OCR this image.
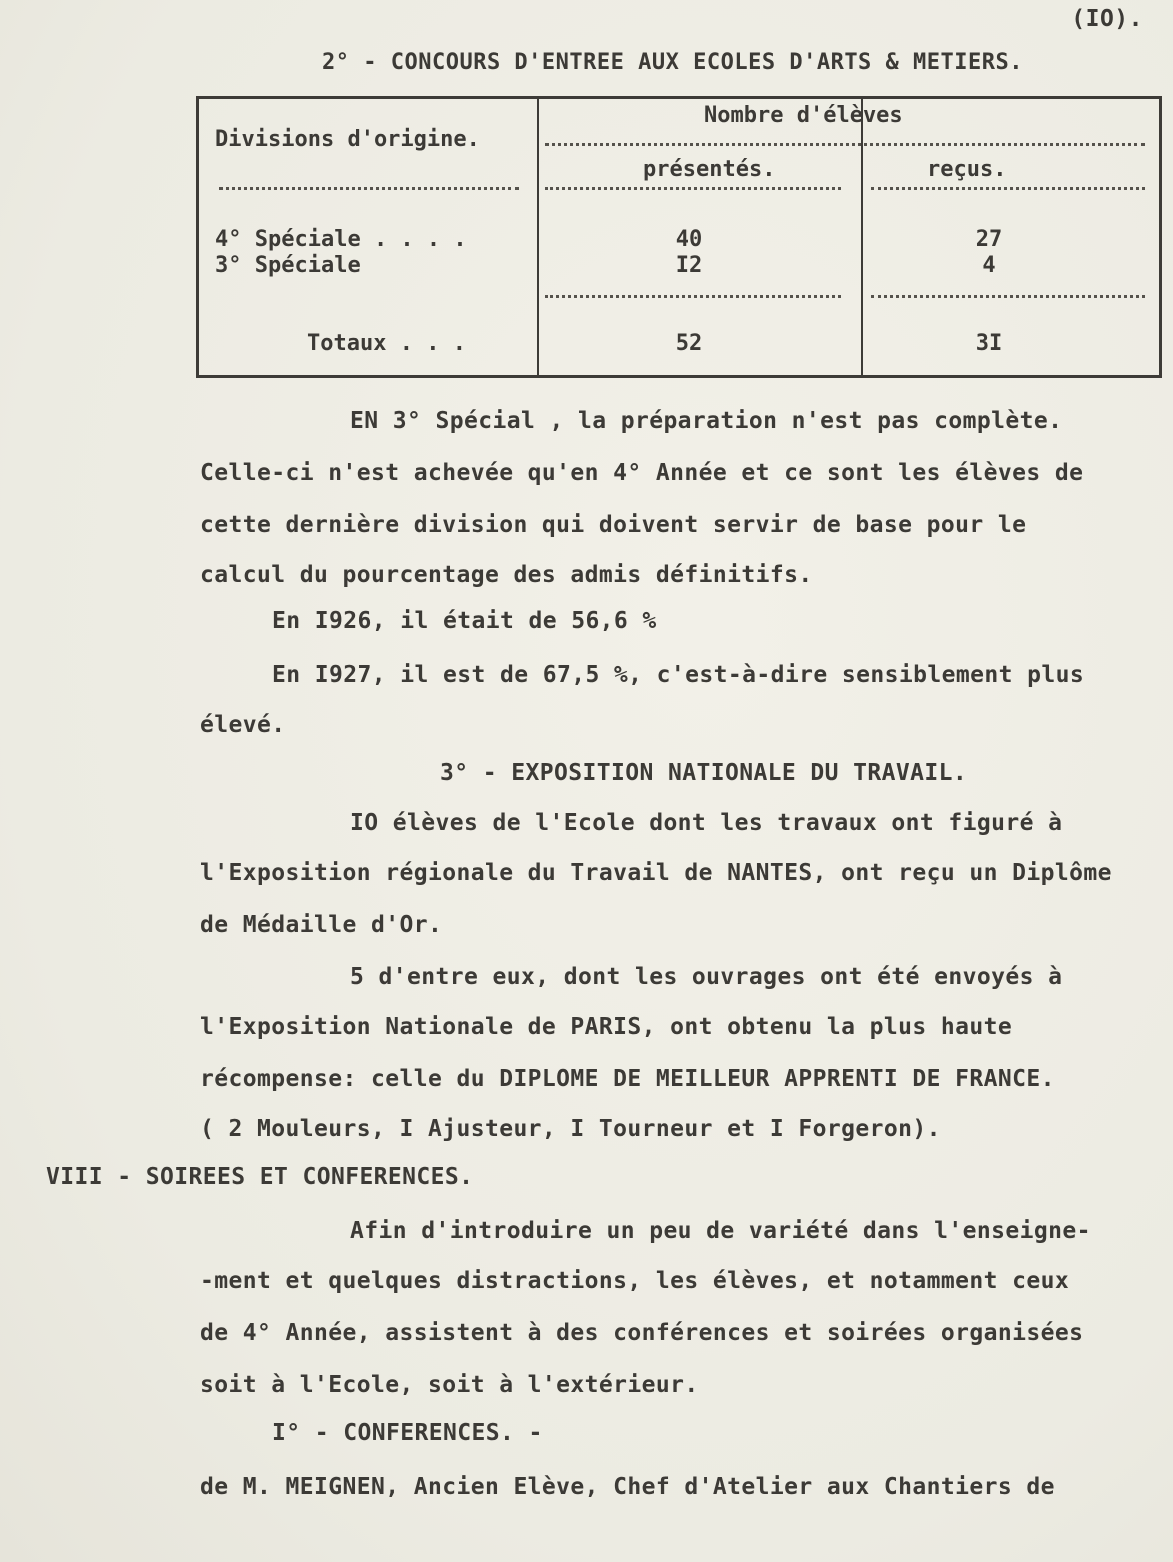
(IO).
2° - CONCOURS D'ENTREE AUX ECOLES D'ARTS & METIERS.
Divisions d'origine.
Nombre d'élèves
présentés.	reçus.
4° Spéciale . . . .	40	27
3° Spéciale	I2	4
Totaux . . .	52	3I
EN 3° Spécial , la préparation n'est pas complète.
Celle-ci n'est achevée qu'en 4° Année et ce sont les élèves de
cette dernière division qui doivent servir de base pour le
calcul du pourcentage des admis définitifs.
En I926, il était de 56,6 %
En I927, il est de 67,5 %, c'est-à-dire sensiblement plus
élevé.
3° - EXPOSITION NATIONALE DU TRAVAIL.
IO élèves de l'Ecole dont les travaux ont figuré à
l'Exposition régionale du Travail de NANTES, ont reçu un Diplôme
de Médaille d'Or.
5 d'entre eux, dont les ouvrages ont été envoyés à
l'Exposition Nationale de PARIS, ont obtenu la plus haute
récompense: celle du DIPLOME DE MEILLEUR APPRENTI DE FRANCE.
( 2 Mouleurs, I Ajusteur, I Tourneur et I Forgeron).
VIII - SOIREES ET CONFERENCES.
Afin d'introduire un peu de variété dans l'enseigne-
-ment et quelques distractions, les élèves, et notamment ceux
de 4° Année, assistent à des conférences et soirées organisées
soit à l'Ecole, soit à l'extérieur.
I° - CONFERENCES. -
de M. MEIGNEN, Ancien Elève, Chef d'Atelier aux Chantiers de
